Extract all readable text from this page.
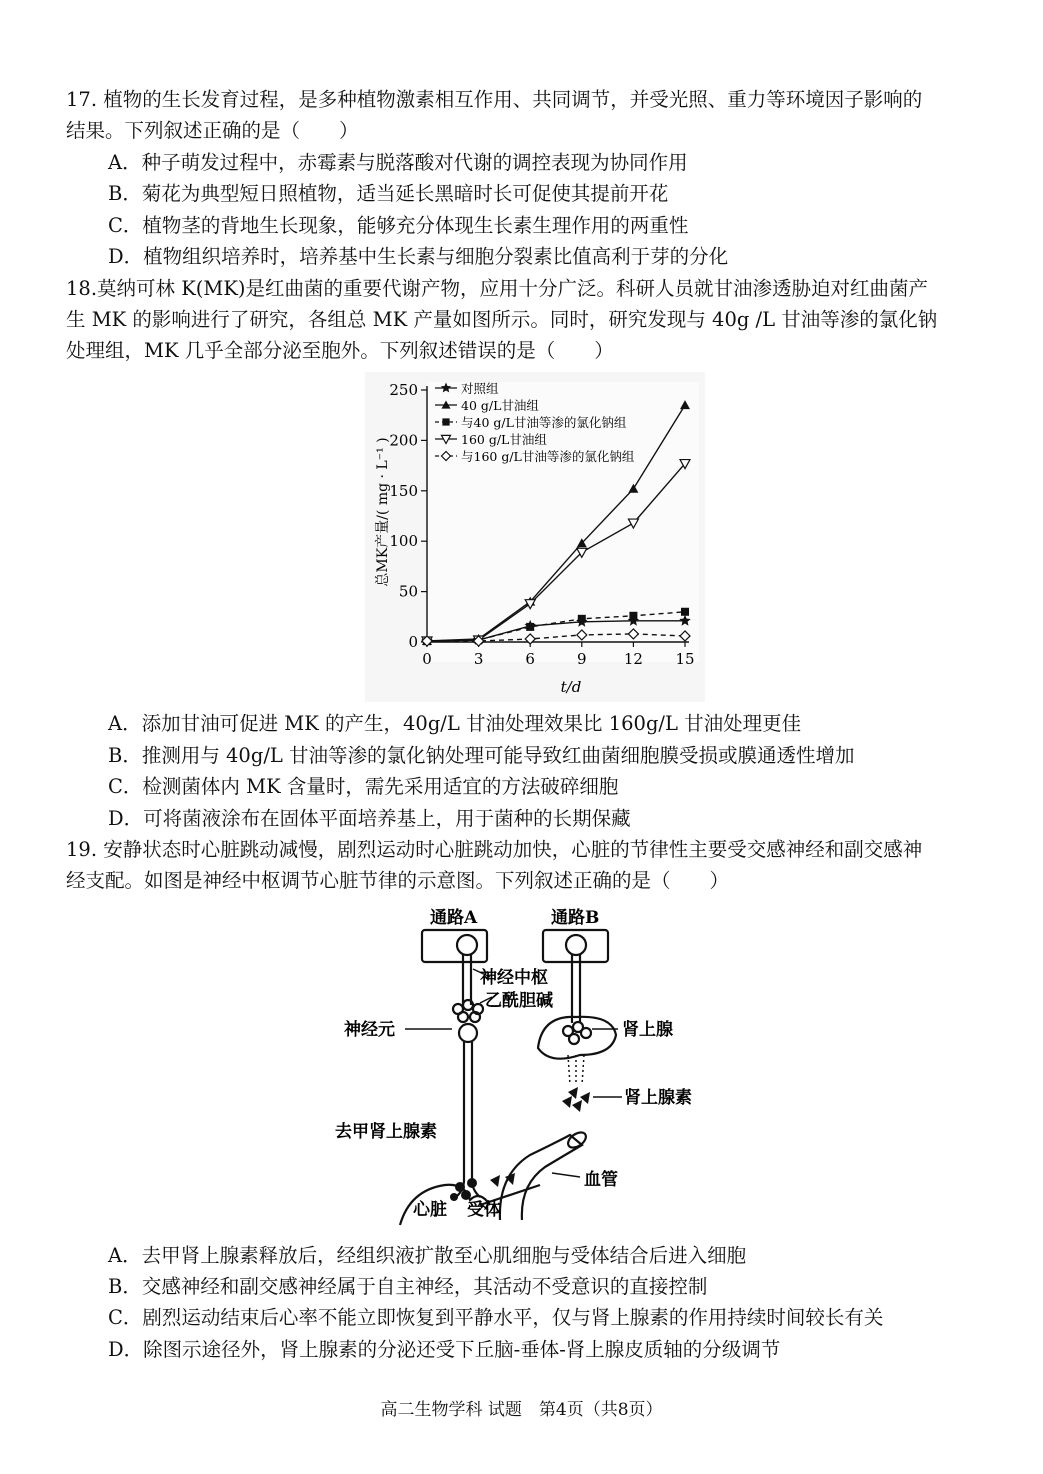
17. 植物的生长发育过程，是多种植物激素相互作用、共同调节，并受光照、重力等环境因子影响的
结果。下列叙述正确的是（　　）
A．种子萌发过程中，赤霉素与脱落酸对代谢的调控表现为协同作用
B．菊花为典型短日照植物，适当延长黑暗时长可促使其提前开花
C．植物茎的背地生长现象，能够充分体现生长素生理作用的两重性
D．植物组织培养时，培养基中生长素与细胞分裂素比值高利于芽的分化
18.莫纳可林 K(MK)是红曲菌的重要代谢产物，应用十分广泛。科研人员就甘油渗透胁迫对红曲菌产
生 MK 的影响进行了研究，各组总 MK 产量如图所示。同时，研究发现与 40g /L 甘油等渗的氯化钠
处理组，MK 几乎全部分泌至胞外。下列叙述错误的是（　　）
0
50
100
150
200
250
0	3	6	9 12 15
对照组
40 g/L甘油组
与40 g/L甘油等渗的氯化钠组
160 g/L甘油组
与160 g/L甘油等渗的氯化钠组
总MK产量/( mg · L⁻¹ )
t/d
A．添加甘油可促进 MK 的产生，40g/L 甘油处理效果比 160g/L 甘油处理更佳
B．推测用与 40g/L 甘油等渗的氯化钠处理可能导致红曲菌细胞膜受损或膜通透性增加
C．检测菌体内 MK 含量时，需先采用适宜的方法破碎细胞
D．可将菌液涂布在固体平面培养基上，用于菌种的长期保藏
19. 安静状态时心脏跳动减慢，剧烈运动时心脏跳动加快，心脏的节律性主要受交感神经和副交感神
经支配。如图是神经中枢调节心脏节律的示意图。下列叙述正确的是（　　）
通路A	通路B
神经中枢
乙酰胆碱
神经元	肾上腺
肾上腺素
去甲肾上腺素
血管
心脏 受体
A．去甲肾上腺素释放后，经组织液扩散至心肌细胞与受体结合后进入细胞
B．交感神经和副交感神经属于自主神经，其活动不受意识的直接控制
C．剧烈运动结束后心率不能立即恢复到平静水平，仅与肾上腺素的作用持续时间较长有关
D．除图示途径外，肾上腺素的分泌还受下丘脑-垂体-肾上腺皮质轴的分级调节
高二生物学科 试题　第4页（共8页）
